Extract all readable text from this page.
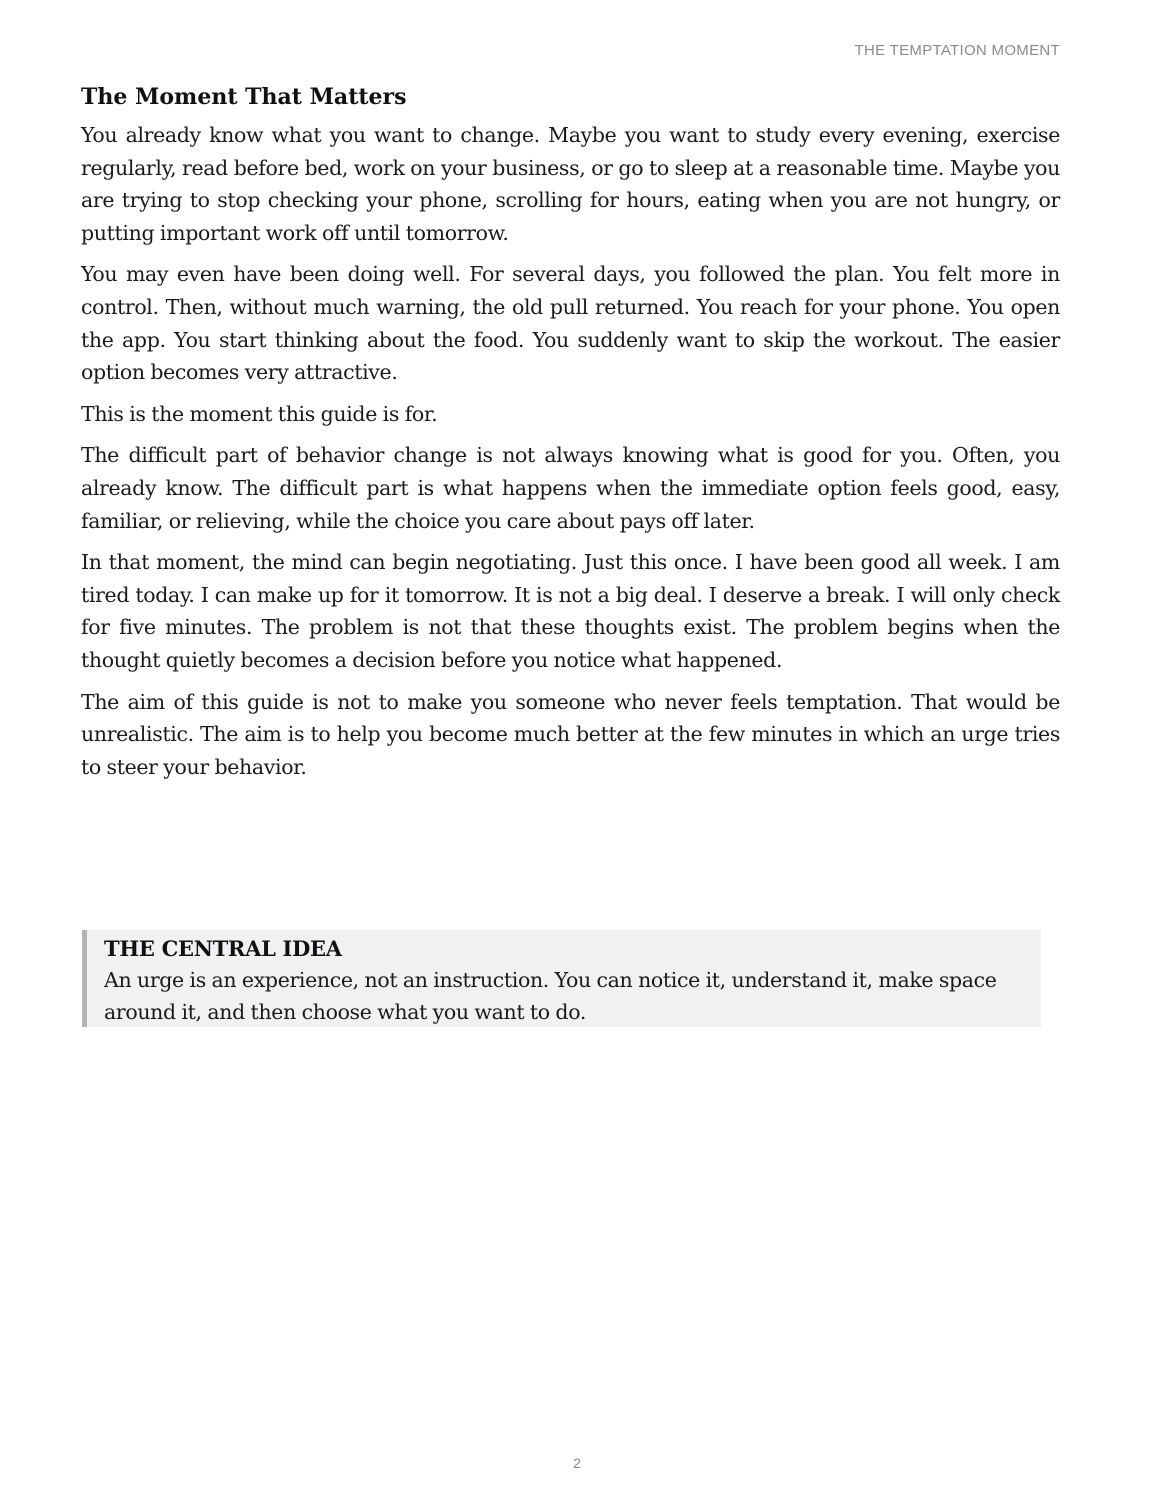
THE TEMPTATION MOMENT
The Moment That Matters

You already know what you want to change. Maybe you want to study every evening, exercise regularly, read before bed, work on your business, or go to sleep at a reasonable time. Maybe you are trying to stop checking your phone, scrolling for hours, eating when you are not hungry, or putting important work off until tomorrow.

You may even have been doing well. For several days, you followed the plan. You felt more in control. Then, without much warning, the old pull returned. You reach for your phone. You open the app. You start thinking about the food. You suddenly want to skip the workout. The easier option becomes very attractive.

This is the moment this guide is for.

The difficult part of behavior change is not always knowing what is good for you. Often, you already know. The difficult part is what happens when the immediate option feels good, easy, familiar, or relieving, while the choice you care about pays off later.

In that moment, the mind can begin negotiating. Just this once. I have been good all week. I am tired today. I can make up for it tomorrow. It is not a big deal. I deserve a break. I will only check for five minutes. The problem is not that these thoughts exist. The problem begins when the thought quietly becomes a decision before you notice what happened.

The aim of this guide is not to make you someone who never feels temptation. That would be unrealistic. The aim is to help you become much better at the few minutes in which an urge tries to steer your behavior.

THE CENTRAL IDEA
An urge is an experience, not an instruction. You can notice it, understand it, make space around it, and then choose what you want to do.
2
